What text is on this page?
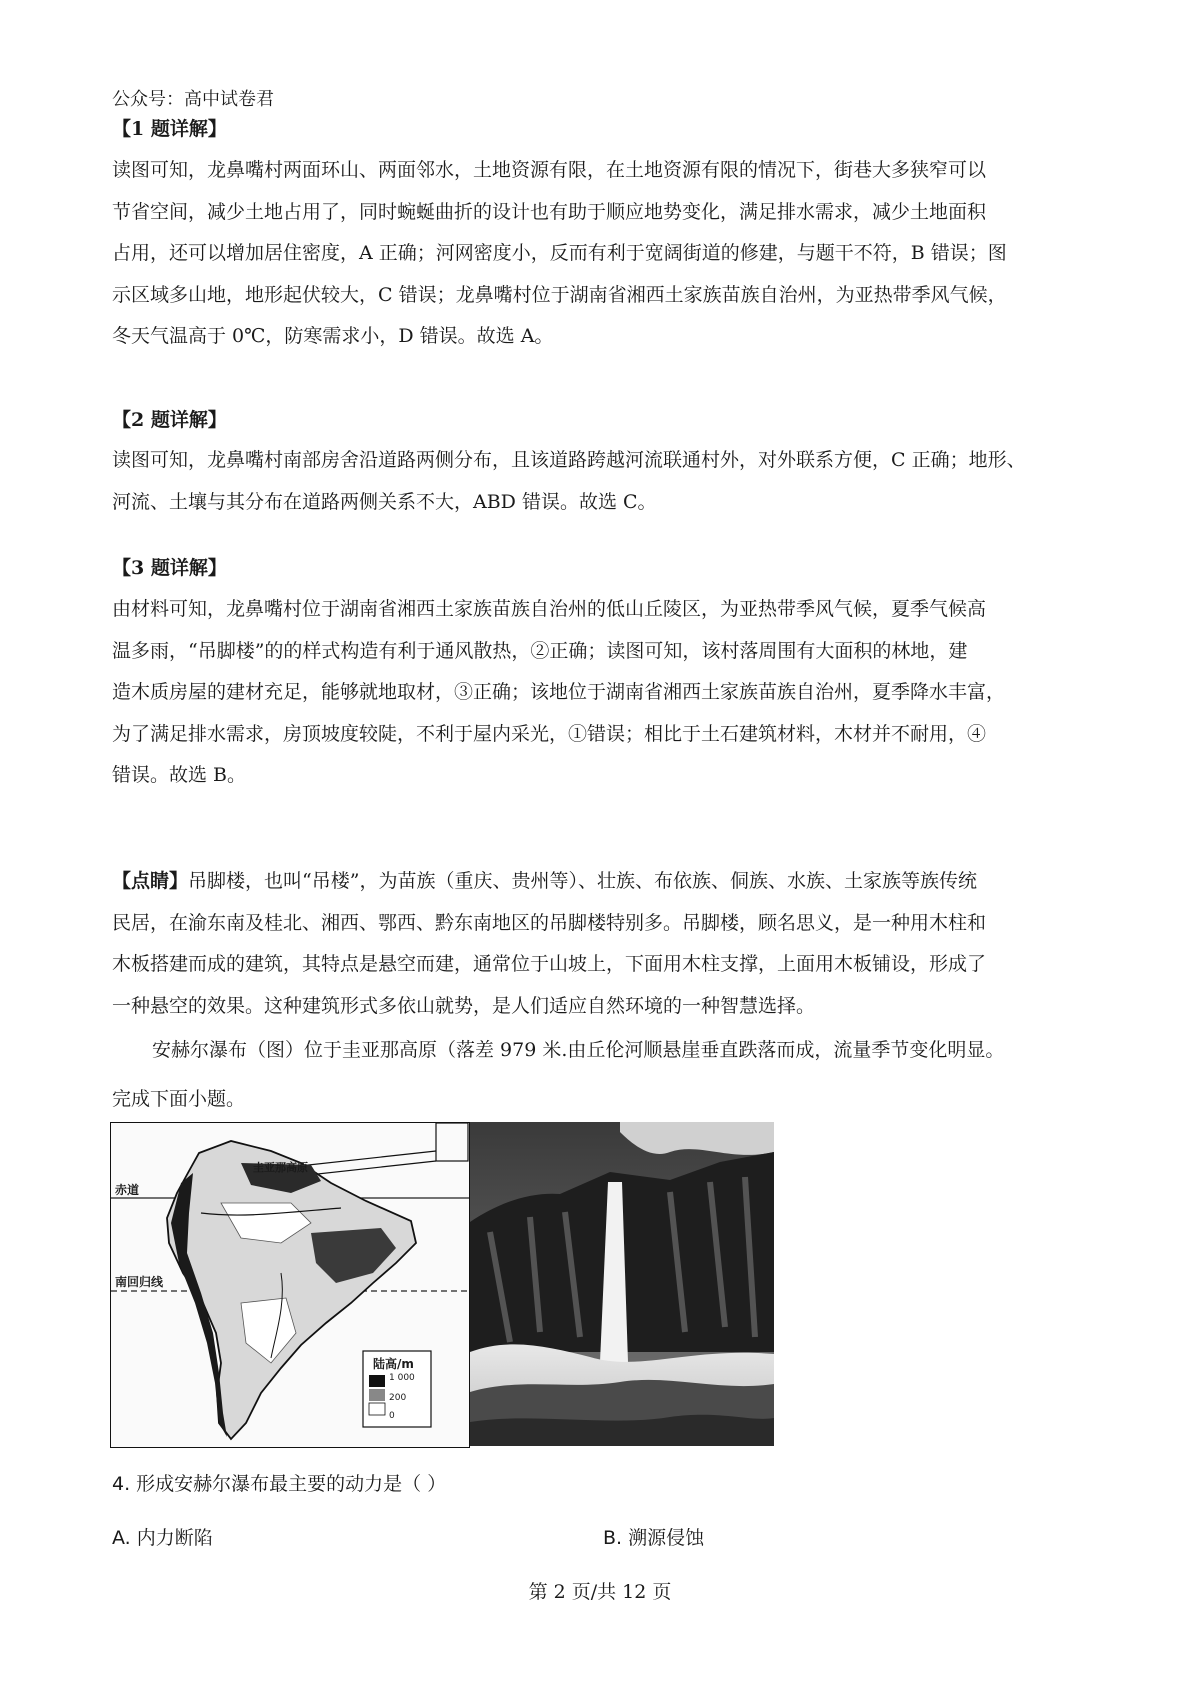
公众号：高中试卷君
【1 题详解】

读图可知，龙鼻嘴村两面环山、两面邻水，土地资源有限，在土地资源有限的情况下，街巷大多狭窄可以
节省空间，减少土地占用了，同时蜿蜒曲折的设计也有助于顺应地势变化，满足排水需求，减少土地面积
占用，还可以增加居住密度，A 正确；河网密度小，反而有利于宽阔街道的修建，与题干不符，B 错误；图
示区域多山地，地形起伏较大，C 错误；龙鼻嘴村位于湖南省湘西土家族苗族自治州，为亚热带季风气候，
冬天气温高于 0℃，防寒需求小，D 错误。故选 A。

【2 题详解】

读图可知，龙鼻嘴村南部房舍沿道路两侧分布，且该道路跨越河流联通村外，对外联系方便，C 正确；地形、
河流、土壤与其分布在道路两侧关系不大，ABD 错误。故选 C。

【3 题详解】

由材料可知，龙鼻嘴村位于湖南省湘西土家族苗族自治州的低山丘陵区，为亚热带季风气候，夏季气候高
温多雨，“吊脚楼”的的样式构造有利于通风散热，②正确；读图可知，该村落周围有大面积的林地，建
造木质房屋的建材充足，能够就地取材，③正确；该地位于湖南省湘西土家族苗族自治州，夏季降水丰富，
为了满足排水需求，房顶坡度较陡，不利于屋内采光，①错误；相比于土石建筑材料，木材并不耐用，④
错误。故选 B。

【点睛】吊脚楼，也叫“吊楼”，为苗族（重庆、贵州等）、壮族、布依族、侗族、水族、土家族等族传统
民居，在渝东南及桂北、湘西、鄂西、黔东南地区的吊脚楼特别多。吊脚楼，顾名思义，是一种用木柱和
木板搭建而成的建筑，其特点是悬空而建，通常位于山坡上，下面用木柱支撑，上面用木板铺设，形成了
一种悬空的效果。这种建筑形式多依山就势，是人们适应自然环境的一种智慧选择。

安赫尔瀑布（图）位于圭亚那高原（落差 979 米.由丘伦河顺悬崖垂直跌落而成，流量季节变化明显。
完成下面小题。

圭亚那高原
赤道
南回归线
陆高/m
1 000
200
0
4. 形成安赫尔瀑布最主要的动力是（ ）
A. 内力断陷	B. 溯源侵蚀
第 2 页/共 12 页
